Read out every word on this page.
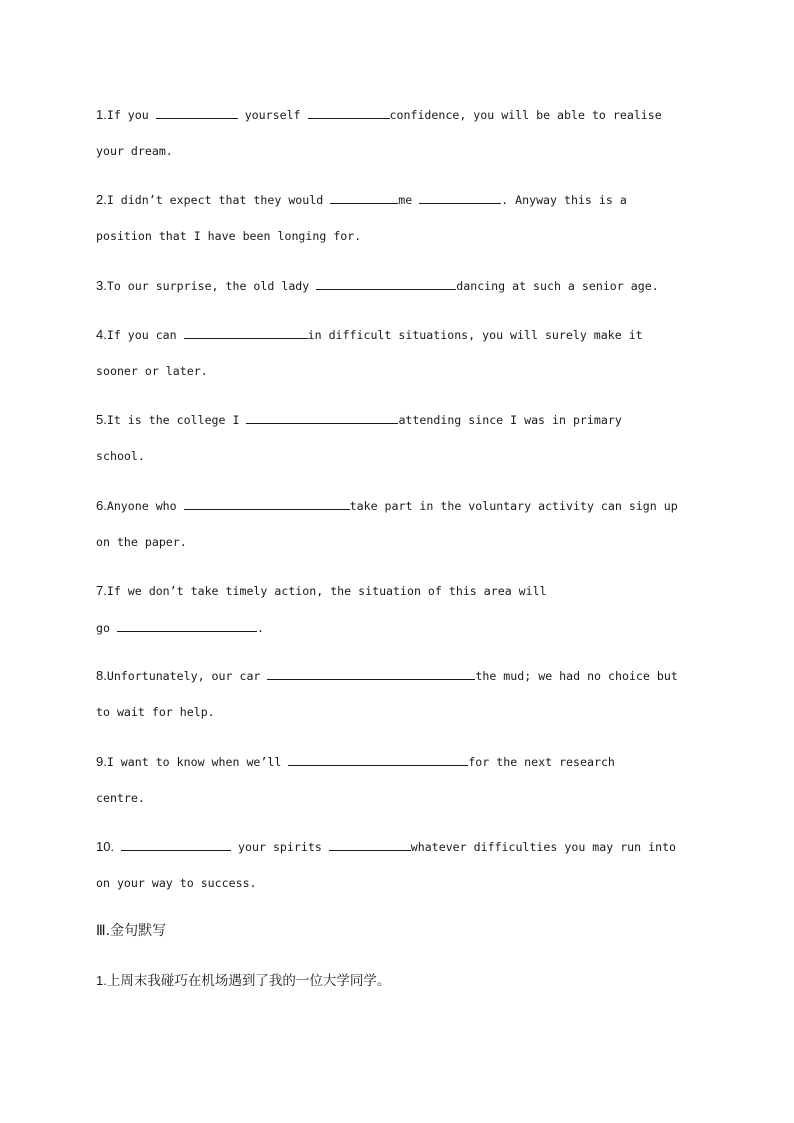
1.If you	yourself	confidence, you will be able to realise
your dream.
2.I didn’t expect that they would	me	. Anyway this is a
position that I have been longing for.
3.To our surprise, the old lady	dancing at such a senior age.
4.If you can	in difficult situations, you will surely make it
sooner or later.
5.It is the college I	attending since I was in primary
school.
6.Anyone who	take part in the voluntary activity can sign up
on the paper.
7.If we don’t take timely action, the situation of this area will
go	.
8.Unfortunately, our car	the mud; we had no choice but
to wait for help.
9.I want to know when we’ll	for the next research
centre.
10.	your spirits	whatever difficulties you may run into
on your way to success.
Ⅲ.金句默写
1.上周末我碰巧在机场遇到了我的一位大学同学。
